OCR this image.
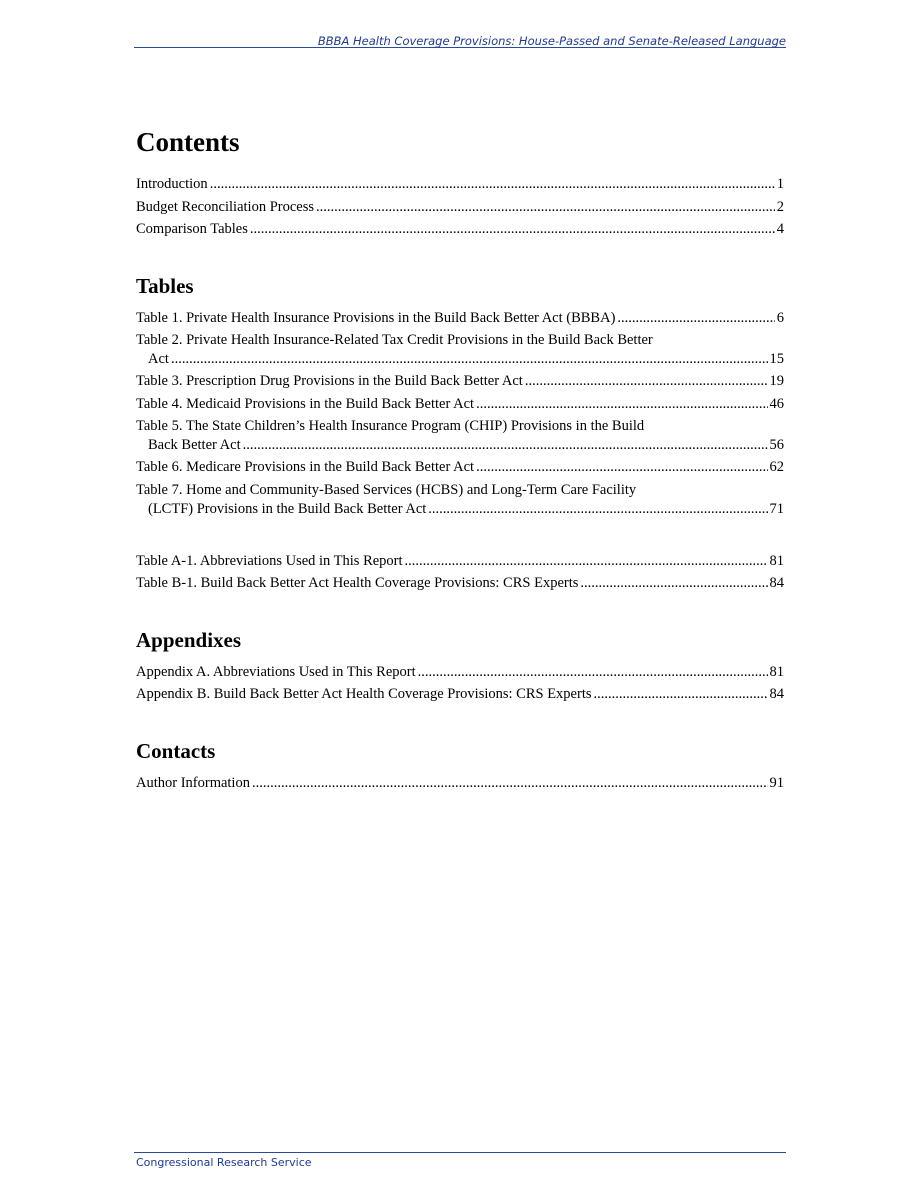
BBBA Health Coverage Provisions: House-Passed and Senate-Released Language
Contents
Introduction .....	1
Budget Reconciliation Process .....	2
Comparison Tables .....	4
Tables
Table 1. Private Health Insurance Provisions in the Build Back Better Act (BBBA) .....	6
Table 2. Private Health Insurance-Related Tax Credit Provisions in the Build Back Better
Act .....	15
Table 3. Prescription Drug Provisions in the Build Back Better Act .....	19
Table 4. Medicaid Provisions in the Build Back Better Act .....	46
Table 5. The State Children’s Health Insurance Program (CHIP) Provisions in the Build
Back Better Act .....	56
Table 6. Medicare Provisions in the Build Back Better Act .....	62
Table 7. Home and Community-Based Services (HCBS) and Long-Term Care Facility
(LCTF) Provisions in the Build Back Better Act .....	71
Table A-1. Abbreviations Used in This Report .....	81
Table B-1. Build Back Better Act Health Coverage Provisions: CRS Experts .....	84
Appendixes
Appendix A. Abbreviations Used in This Report .....	81
Appendix B. Build Back Better Act Health Coverage Provisions: CRS Experts .....	84
Contacts
Author Information .....	91
Congressional Research Service
